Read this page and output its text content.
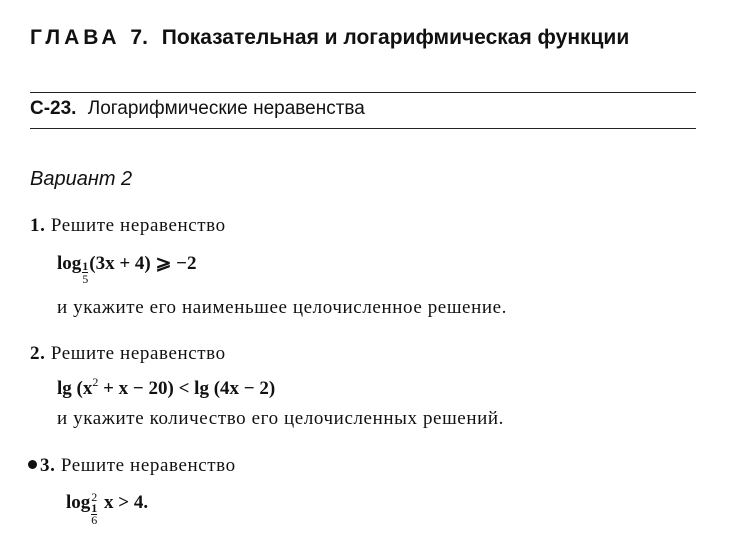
ГЛАВА 7. Показательная и логарифмическая функции
С-23. Логарифмические неравенства
Вариант 2
1. Решите неравенство
$\log \frac{1}{5} (3x + 4)$ ⩾ −2
и укажите его наименьшее целочисленное решение.
2. Решите неравенство
$\lg (x^2 + x - 20) < \lg (4x - 2)$
и укажите количество его целочисленных решений.
3. Решите неравенство
log 2
1
6
x > 4.
